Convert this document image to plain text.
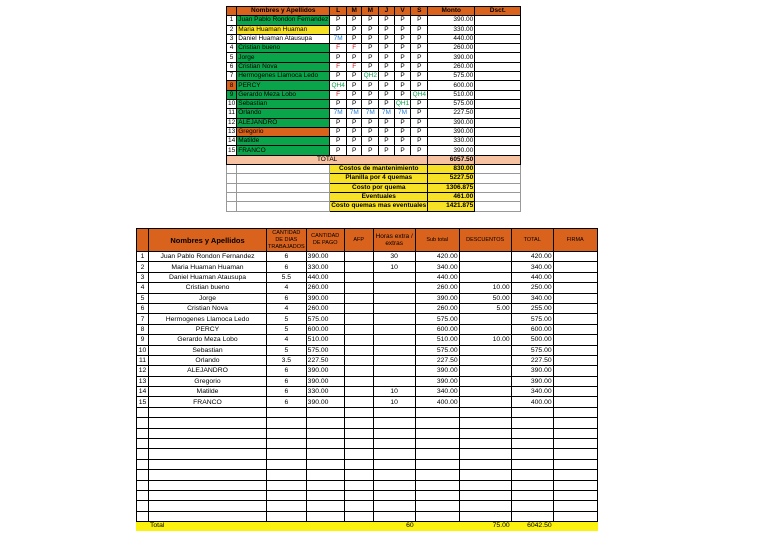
	Nombres y Apellidos	L	M	M	J	V	S	Monto	Dsct.
1	Juan Pablo Rondon Fernandez	P	P	P	P	P	P	390.00	
2	Maria Huaman Huaman	P	P	P	P	P	P	330.00	
3	Daniel Huaman Atausupa	7M	P	P	P	P	P	440.00	
4	Cristian bueno	F	F	P	P	P	P	260.00	
5	Jorge	P	P	P	P	P	P	390.00	
6	Cristian Nova	F	F	P	P	P	P	260.00	
7	Hermogenes Llamoca Ledo	P	P	QH2	P	P	P	575.00	
8	PERCY	QH4	P	P	P	P	P	600.00	
9	Gerardo Meza Lobo	F	P	P	P	P	QH4	510.00	
10	Sebastian	P	P	P	P	QH1	P	575.00	
11	Orlando	7M	7M	7M	7M	7M	P	227.50	
12	ALEJANDRO	P	P	P	P	P	P	390.00	
13	Gregorio	P	P	P	P	P	P	390.00	
14	Matilde	P	P	P	P	P	P	330.00	
15	FRANCO	P	P	P	P	P	P	390.00	
TOTAL								6057.50	
		Costos de mantenimiento						830.00	
		Planilla por 4 quemas						5227.50	
		Costo por quema						1306.875	
		Eventuales						461.00	
		Costo quemas mas eventuales						1421.875	
	Nombres y Apellidos	CANTIDAD DE DIAS TRABAJADOS	CANTIDAD DE PAGO	AFP	Horas extra / extras	Sub total	DESCUENTOS	TOTAL	FIRMA
1	Juan Pablo Rondon Fernandez	6	390.00		30	420.00		420.00	
2	Maria Huaman Huaman	6	330.00		10	340.00		340.00	
3	Daniel Huaman Atausupa	5.5	440.00			440.00		440.00	
4	Cristian bueno	4	260.00			260.00	10.00	250.00	
5	Jorge	6	390.00			390.00	50.00	340.00	
6	Cristian Nova	4	260.00			260.00	5.00	255.00	
7	Hermogenes Llamoca Ledo	5	575.00			575.00		575.00	
8	PERCY	5	600.00			600.00		600.00	
9	Gerardo Meza Lobo	4	510.00			510.00	10.00	500.00	
10	Sebastian	5	575.00			575.00		575.00	
11	Orlando	3.5	227.50			227.50		227.50	
12	ALEJANDRO	6	390.00			390.00		390.00	
13	Gregorio	6	390.00			390.00		390.00	
14	Matilde	6	330.00		10	340.00		340.00	
15	FRANCO	6	390.00		10	400.00		400.00	

	Total				60		75.00	6042.50	
